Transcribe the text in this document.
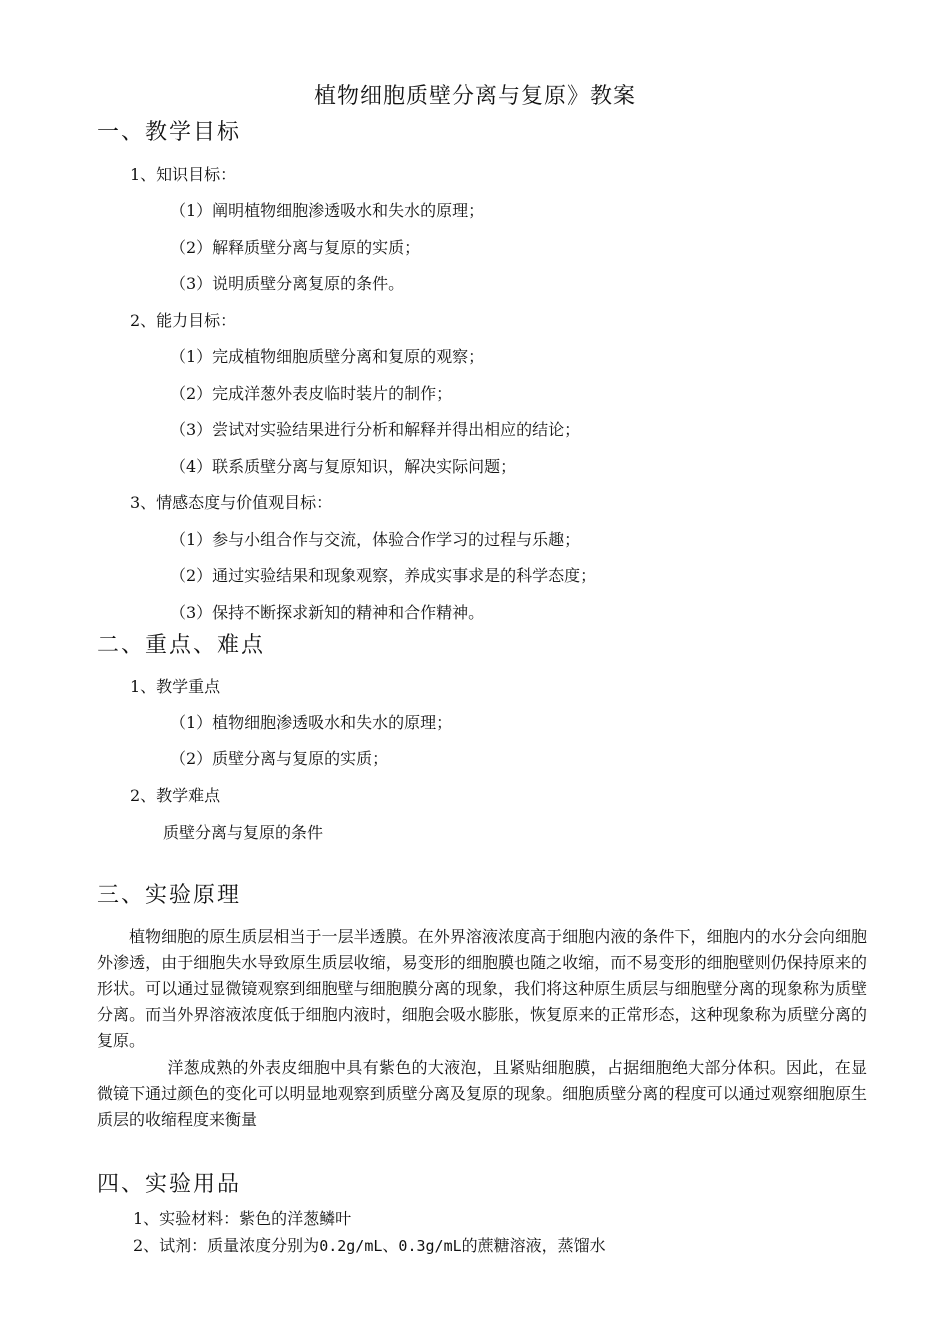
植物细胞质壁分离与复原》教案
一、教学目标
1、知识目标：
（1）阐明植物细胞渗透吸水和失水的原理；
（2）解释质壁分离与复原的实质；
（3）说明质壁分离复原的条件。
2、能力目标：
（1）完成植物细胞质壁分离和复原的观察；
（2）完成洋葱外表皮临时装片的制作；
（3）尝试对实验结果进行分析和解释并得出相应的结论；
（4）联系质壁分离与复原知识，解决实际问题；
3、情感态度与价值观目标：
（1）参与小组合作与交流，体验合作学习的过程与乐趣；
（2）通过实验结果和现象观察，养成实事求是的科学态度；
（3）保持不断探求新知的精神和合作精神。
二、重点、难点
1、教学重点
（1）植物细胞渗透吸水和失水的原理；
（2）质壁分离与复原的实质；
2、教学难点
质壁分离与复原的条件
三、实验原理

植物细胞的原生质层相当于一层半透膜。在外界溶液浓度高于细胞内液的条件下，细胞内的水分会向细胞外渗透，由于细胞失水导致原生质层收缩，易变形的细胞膜也随之收缩，而不易变形的细胞壁则仍保持原来的形状。可以通过显微镜观察到细胞壁与细胞膜分离的现象，我们将这种原生质层与细胞壁分离的现象称为质壁分离。而当外界溶液浓度低于细胞内液时，细胞会吸水膨胀，恢复原来的正常形态，这种现象称为质壁分离的复原。

洋葱成熟的外表皮细胞中具有紫色的大液泡，且紧贴细胞膜，占据细胞绝大部分体积。因此，在显微镜下通过颜色的变化可以明显地观察到质壁分离及复原的现象。细胞质壁分离的程度可以通过观察细胞原生质层的收缩程度来衡量

四、实验用品
1、实验材料：紫色的洋葱鳞叶
2、试剂：质量浓度分别为0.2g/mL、0.3g/mL的蔗糖溶液，蒸馏水
